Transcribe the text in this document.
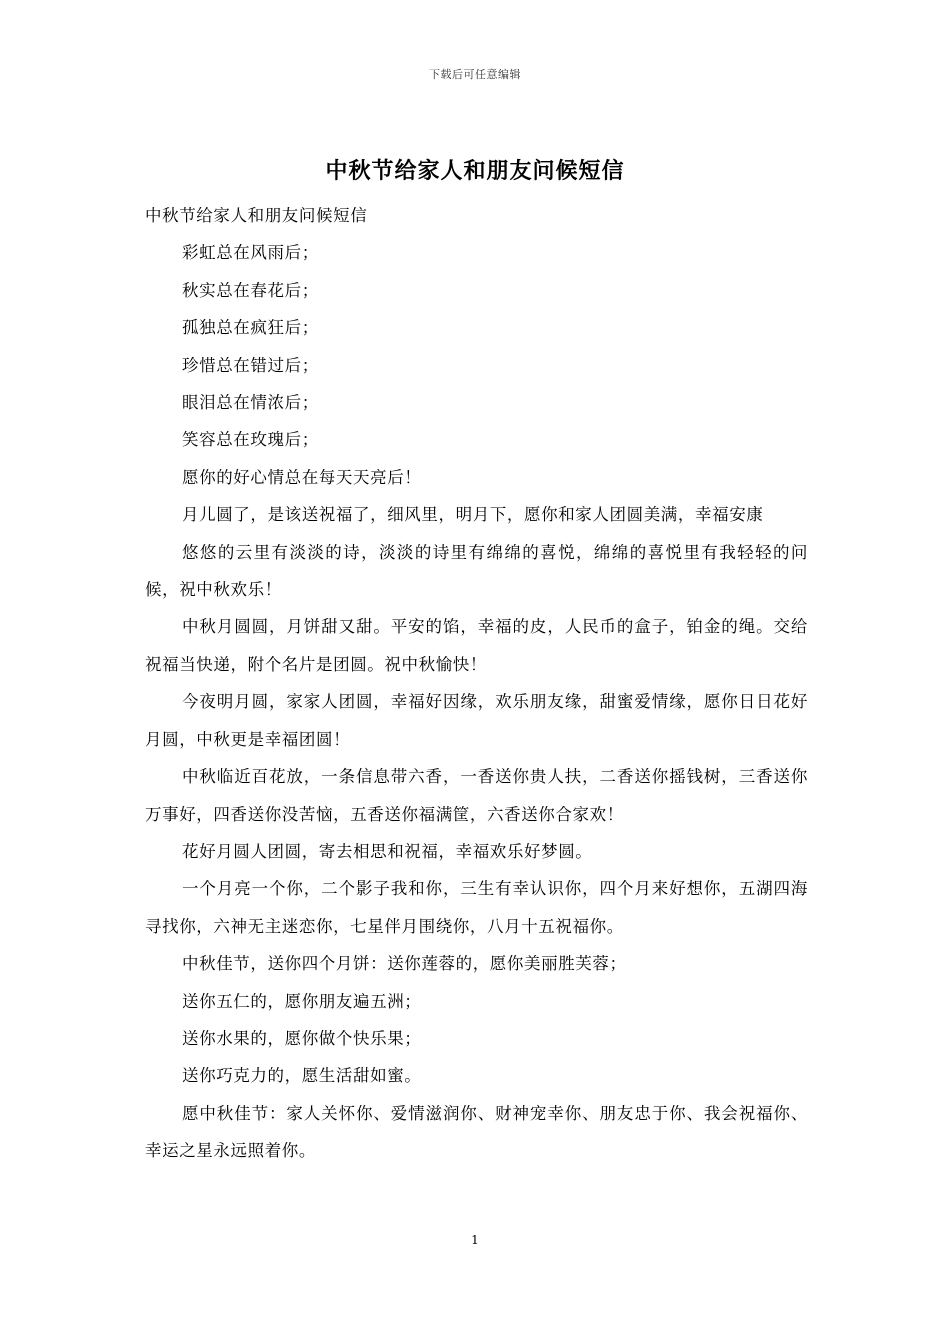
下载后可任意编辑
中秋节给家人和朋友问候短信

中秋节给家人和朋友问候短信

彩虹总在风雨后；

秋实总在春花后；

孤独总在疯狂后；

珍惜总在错过后；

眼泪总在情浓后；

笑容总在玫瑰后；

愿你的好心情总在每天天亮后！

月儿圆了，是该送祝福了，细风里，明月下，愿你和家人团圆美满，幸福安康

悠悠的云里有淡淡的诗，淡淡的诗里有绵绵的喜悦，绵绵的喜悦里有我轻轻的问候，祝中秋欢乐！

中秋月圆圆，月饼甜又甜。平安的馅，幸福的皮，人民币的盒子，铂金的绳。交给祝福当快递，附个名片是团圆。祝中秋愉快！

今夜明月圆，家家人团圆，幸福好因缘，欢乐朋友缘，甜蜜爱情缘，愿你日日花好月圆，中秋更是幸福团圆！

中秋临近百花放，一条信息带六香，一香送你贵人扶，二香送你摇钱树，三香送你万事好，四香送你没苦恼，五香送你福满筐，六香送你合家欢！

花好月圆人团圆，寄去相思和祝福，幸福欢乐好梦圆。

一个月亮一个你，二个影子我和你，三生有幸认识你，四个月来好想你，五湖四海寻找你，六神无主迷恋你，七星伴月围绕你，八月十五祝福你。

中秋佳节，送你四个月饼：送你莲蓉的，愿你美丽胜芙蓉；

送你五仁的，愿你朋友遍五洲；

送你水果的，愿你做个快乐果；

送你巧克力的，愿生活甜如蜜。

愿中秋佳节：家人关怀你、爱情滋润你、财神宠幸你、朋友忠于你、我会祝福你、幸运之星永远照着你。

1
